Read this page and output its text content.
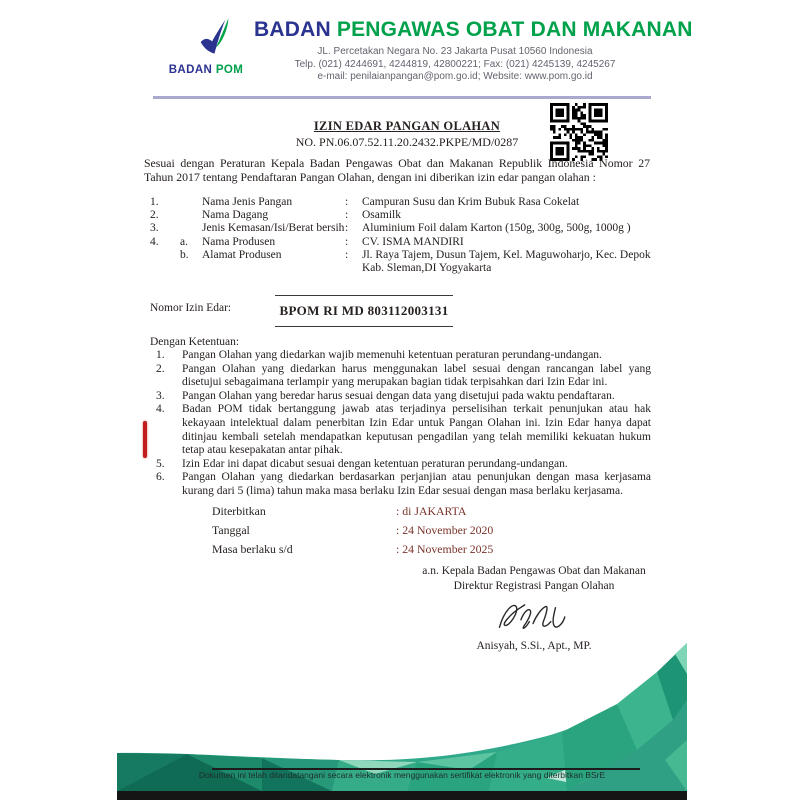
BADAN POM
BADAN PENGAWAS OBAT DAN MAKANAN
JL. Percetakan Negara No. 23 Jakarta Pusat 10560 Indonesia
Telp. (021) 4244691, 4244819, 42800221; Fax: (021) 4245139, 4245267
e-mail: penilaianpangan@pom.go.id; Website: www.pom.go.id
IZIN EDAR PANGAN OLAHAN
NO. PN.06.07.52.11.20.2432.PKPE/MD/0287
Sesuai dengan Peraturan Kepala Badan Pengawas Obat dan Makanan Republik Indonesia Nomor 27 Tahun 2017 tentang Pendaftaran Pangan Olahan, dengan ini diberikan izin edar pangan olahan :
1.	Nama Jenis Pangan	:	Campuran Susu dan Krim Bubuk Rasa Cokelat
2.	Nama Dagang	:	Osamilk
3.	Jenis Kemasan/Isi/Berat bersih :	Aluminium Foil dalam Karton (150g, 300g, 500g, 1000g )
4.	a.	Nama Produsen	:	CV. ISMA MANDIRI
b.	Alamat Produsen	:	Jl. Raya Tajem, Dusun Tajem, Kel. Maguwoharjo, Kec. Depok
Kab. Sleman,DI Yogyakarta
Nomor Izin Edar:	BPOM RI MD 803112003131
Dengan Ketentuan:
1.	Pangan Olahan yang diedarkan wajib memenuhi ketentuan peraturan perundang-undangan.
2.	Pangan Olahan yang diedarkan harus menggunakan label sesuai dengan rancangan label yang disetujui sebagaimana terlampir yang merupakan bagian tidak terpisahkan dari Izin Edar ini.
3.	Pangan Olahan yang beredar harus sesuai dengan data yang disetujui pada waktu pendaftaran.
4.	Badan POM tidak bertanggung jawab atas terjadinya perselisihan terkait penunjukan atau hak kekayaan intelektual dalam penerbitan Izin Edar untuk Pangan Olahan ini. Izin Edar hanya dapat ditinjau kembali setelah mendapatkan keputusan pengadilan yang telah memiliki kekuatan hukum tetap atau kesepakatan antar pihak.
5.	Izin Edar ini dapat dicabut sesuai dengan ketentuan peraturan perundang-undangan.
6.	Pangan Olahan yang diedarkan berdasarkan perjanjian atau penunjukan dengan masa kerjasama kurang dari 5 (lima) tahun maka masa berlaku Izin Edar sesuai dengan masa berlaku kerjasama.
Diterbitkan	: di JAKARTA
Tanggal	: 24 November 2020
Masa berlaku s/d	: 24 November 2025
a.n. Kepala Badan Pengawas Obat dan Makanan
Direktur Registrasi Pangan Olahan
Anisyah, S.Si., Apt., MP.
Dokumen ini telah ditandatangani secara elektronik menggunakan sertifikat elektronik yang diterbitkan BSrE
